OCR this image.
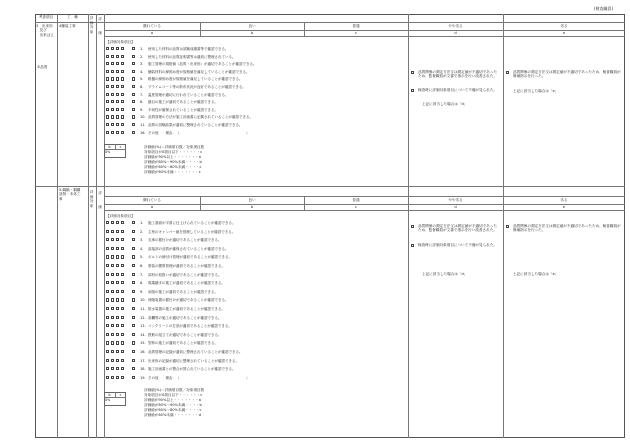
(検査職員)
考査項目	工　種	評価対象
評
価
優れている	良い	普通	やや劣る	劣る
a	b	c	d	e
3　出来形
　及び
　出来ばえ
②品質
4舗装工事
【評価対象項目】
1. 使用した材料の品質は試験成績書等で確認できる。
2. 使用した材料の品質証明書等は適切に整理されている。
3. 施工管理の規格値（品質・出来形）が適切であることが確認できる。
4. 舗装材料の締固め度が規格値を満足していることが確認できる。
5. 路盤の締固め度が規格値を満足していることが確認できる。
6. プライムコート等の散布状況が良好であることが確認できる。
7. 温度管理が適切に行われていることが確認できる。
8. 継目の施工が適切であることが確認できる。
9. 平坦性が確保されていることが確認できる。
10. 品質管理の方法が施工計画書に記載されていることが確認できる。
11. 品質の試験結果が適切に整理されていることが確認できる。
16. その他　　理由：（　　　　　　　　　　　　　　　　　　　）
b	c
0%
評価値(%)＝評価項目数／対象項目数
対象項目が0項目以下・・・・・・c
評価値が90%以上・・・・・・・a
評価値が80%～90%未満・・・・b
評価値が60%～80%未満・・・・c
評価値が60%未満・・・・・・・c
品質関係の測定方法又は測定値が不適切であったため、監督職員が文書で指示を行い改善された。
検査時に評価対象項目について不備が見られた。
上記に該当した場合は「d」
品質関係の測定方法又は測定値が不適切であったため、検査職員が修補指示を行った。
上記に該当した場合は「e」
5.鋼橋・鋼構
造物・本体工
事
評価対象
評
価
優れている	良い	普通	やや劣る	劣る
a	b	c	d	e
【評価対象項目】
1. 施工基面が平滑に仕上げられていることが確認できる。
2. 主桁のキャンバー値を管理していることが確認できる。
3. 支承の据付けが適切であることが確認できる。
4. 溶接部の品質が確保されていることが確認できる。
5. ボルトの締付け管理が適切であることが確認できる。
6. 塗装の膜厚管理が適切であることが確認できる。
7. 部材の取扱いが適切であることが確認できる。
8. 現場継手の施工が適切であることが確認できる。
9. 床版の施工が適切であることが確認できる。
10. 伸縮装置の据付けが適切であることが確認できる。
11. 排水装置の施工が適切であることが確認できる。
12. 高欄等の施工が適切であることが確認できる。
13. コンクリートの打設が適切であることが確認できる。
14. 鉄筋の組立てが適切であることが確認できる。
15. 型枠の施工が適切であることが確認できる。
16. 品質管理の記録が適切に整理されていることが確認できる。
17. 出来形の記録が適切に整理されていることが確認できる。
18. 施工計画書との整合が図られていることが確認できる。
19. その他　　理由：（　　　　　　　　　　　　　　　　　　　）
b	c
0%
評価値(%)＝評価項目数／対象項目数
対象項目が0項目以下・・・・・・c
評価値が90%以上・・・・・・・a
評価値が80%～90%未満・・・・b
評価値が60%～80%未満・・・・c
評価値が60%未満・・・・・・・d
品質関係の測定方法又は測定値が不適切であったため、監督職員が文書で指示を行い改善された。
検査時に評価対象項目について不備が見られた。
上記に該当した場合は「d」
品質関係の測定方法又は測定値が不適切であったため、検査職員が修補指示を行った。
上記に該当した場合は「e」
